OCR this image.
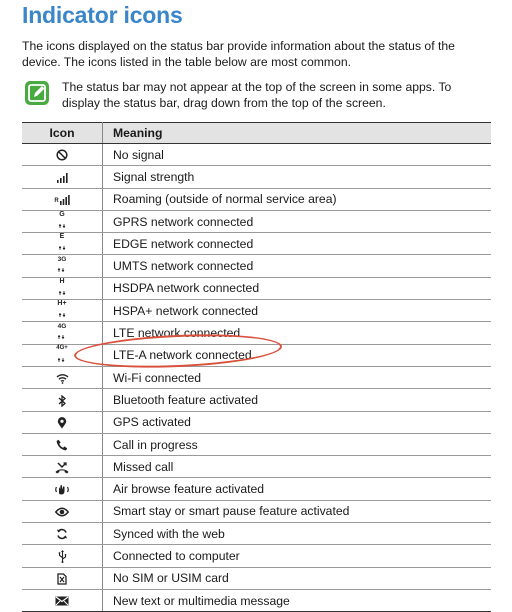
Indicator icons

The icons displayed on the status bar provide information about the status of the device. The icons listed in the table below are most common.

The status bar may not appear at the top of the screen in some apps. To display the status bar, drag down from the top of the screen.

Icon	Meaning
	No signal
	Signal strength

R	Roaming (outside of normal service area)

G	GPRS network connected

E	EDGE network connected

3G	UMTS network connected

H	HSDPA network connected

H+	HSPA+ network connected

4G	LTE network connected

4G+	LTE-A network connected
	Wi-Fi connected
	Bluetooth feature activated
	GPS activated
	Call in progress
	Missed call
	Air browse feature activated
	Smart stay or smart pause feature activated
	Synced with the web
	Connected to computer
	No SIM or USIM card
	New text or multimedia message
